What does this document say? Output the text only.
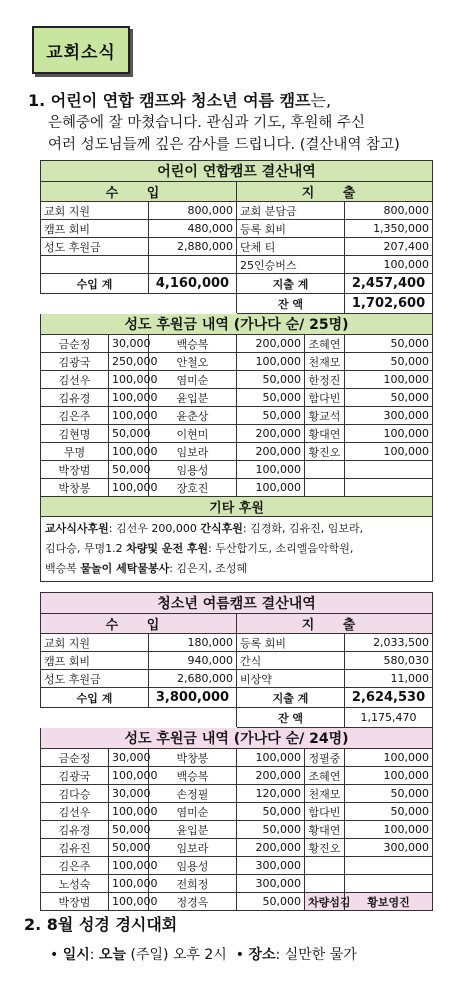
교회소식
1. 어린이 연합 캠프와 청소년 여름 캠프는,
은혜중에 잘 마쳤습니다. 관심과 기도, 후원해 주신
여러 성도님들께 깊은 감사를 드립니다. (결산내역 참고)
어린이 연합캠프 결산내역					
수 입			지 출		
교회 지원		800,000	교회 분담금		800,000
캠프 회비		480,000	등록 회비		1,350,000
성도 후원금		2,880,000	단체 티		207,400
			25인승버스		100,000
수입 계		4,160,000	지출 계		2,457,400
			잔 액		1,702,600
성도 후원금 내역 (가나다 순/ 25명)					
금순정	30,000	백승복	200,000	조혜연	50,000
김광국	250,000	안철오	100,000	천재모	50,000
김선우	100,000	염미순	50,000	한정진	100,000
김유경	100,000	윤입분	50,000	함다빈	50,000
김은주	100,000	윤춘상	50,000	황교석	300,000
김현명	50,000	이현미	200,000	황대연	100,000
무명	100,000	임보라	200,000	황진오	100,000
박장범	50,000	임용성	100,000		
박창봉	100,000	장호진	100,000		
기타 후원					

교사식사후원: 김선우 200,000 간식후원: 김경화, 김유진, 임보라,
김다승, 무명1.2 차량및 운전 후원: 두산합기도, 소리엘음악학원,
백승복 물놀이 세탁물봉사: 김은지, 조성혜					
청소년 여름캠프 결산내역					
수 입			지 출		
교회 지원		180,000	등록 회비		2,033,500
캠프 회비		940,000	간식		580,030
성도 후원금		2,680,000	비상약		11,000
수입 계		3,800,000	지출 계		2,624,530
			잔 액		1,175,470
성도 후원금 내역 (가나다 순/ 24명)					
금순정	30,000	박창봉	100,000	정필중	100,000
김광국	100,000	백승복	200,000	조혜연	100,000
김다승	30,000	손정필	120,000	천재모	50,000
김선우	100,000	염미순	50,000	함다빈	50,000
김유경	50,000	윤입분	50,000	황대연	100,000
김유진	50,000	임보라	200,000	황진오	300,000
김은주	100,000	임용성	300,000		
노성숙	100,000	전희정	300,000		
박장범	100,000	정경옥	50,000	차량섬김	황보영진
2. 8월 성경 경시대회
• 일시: 오늘 (주일) 오후 2시 • 장소: 실만한 물가
